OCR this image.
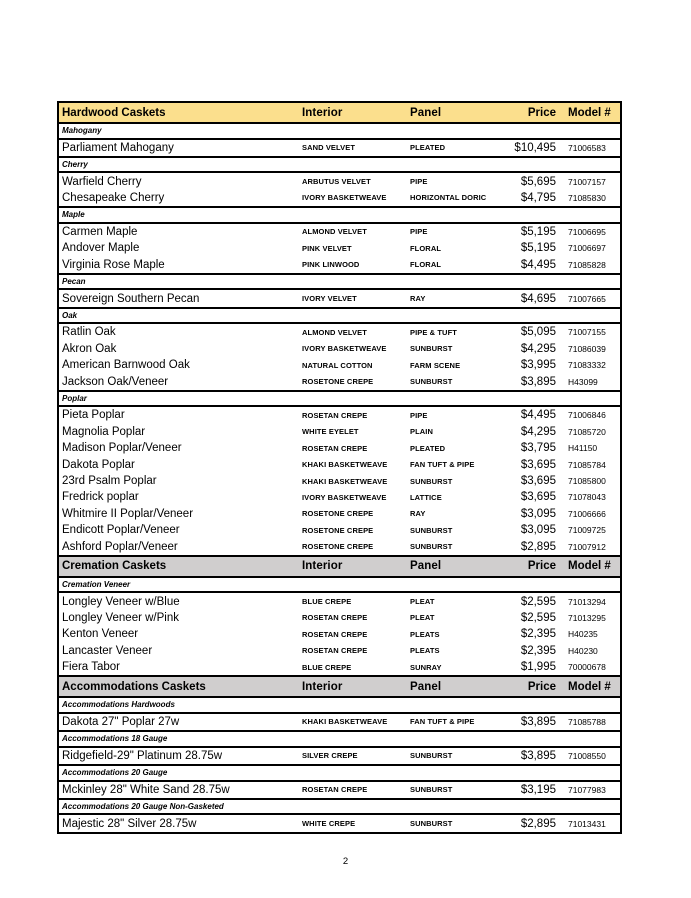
Hardwood Caskets	Interior	Panel	Price	Model #
Mahogany
Parliament Mahogany	SAND VELVET	PLEATED	$10,495	71006583
Cherry
Warfield Cherry	ARBUTUS VELVET	PIPE	$5,695	71007157
Chesapeake Cherry	IVORY BASKETWEAVE	HORIZONTAL DORIC	$4,795	71085830
Maple
Carmen Maple	ALMOND VELVET	PIPE	$5,195	71006695
Andover Maple	PINK VELVET	FLORAL	$5,195	71006697
Virginia Rose Maple	PINK LINWOOD	FLORAL	$4,495	71085828
Pecan
Sovereign Southern Pecan	IVORY VELVET	RAY	$4,695	71007665
Oak
Ratlin Oak	ALMOND VELVET	PIPE & TUFT	$5,095	71007155
Akron Oak	IVORY BASKETWEAVE	SUNBURST	$4,295	71086039
American Barnwood Oak	NATURAL COTTON	FARM SCENE	$3,995	71083332
Jackson Oak/Veneer	ROSETONE CREPE	SUNBURST	$3,895	H43099
Poplar
Pieta Poplar	ROSETAN CREPE	PIPE	$4,495	71006846
Magnolia Poplar	WHITE EYELET	PLAIN	$4,295	71085720
Madison Poplar/Veneer	ROSETAN CREPE	PLEATED	$3,795	H41150
Dakota Poplar	KHAKI BASKETWEAVE	FAN TUFT & PIPE	$3,695	71085784
23rd Psalm Poplar	KHAKI BASKETWEAVE	SUNBURST	$3,695	71085800
Fredrick poplar	IVORY BASKETWEAVE	LATTICE	$3,695	71078043
Whitmire II Poplar/Veneer	ROSETONE CREPE	RAY	$3,095	71006666
Endicott Poplar/Veneer	ROSETONE CREPE	SUNBURST	$3,095	71009725
Ashford Poplar/Veneer	ROSETONE CREPE	SUNBURST	$2,895	71007912
Cremation Caskets	Interior	Panel	Price	Model #
Cremation Veneer
Longley Veneer w/Blue	BLUE CREPE	PLEAT	$2,595	71013294
Longley Veneer w/Pink	ROSETAN CREPE	PLEAT	$2,595	71013295
Kenton Veneer	ROSETAN CREPE	PLEATS	$2,395	H40235
Lancaster Veneer	ROSETAN CREPE	PLEATS	$2,395	H40230
Fiera Tabor	BLUE CREPE	SUNRAY	$1,995	70000678
Accommodations Caskets	Interior	Panel	Price	Model #
Accommodations Hardwoods
Dakota 27" Poplar 27w	KHAKI BASKETWEAVE	FAN TUFT & PIPE	$3,895	71085788
Accommodations 18 Gauge
Ridgefield-29" Platinum 28.75w	SILVER CREPE	SUNBURST	$3,895	71008550
Accommodations 20 Gauge
Mckinley 28" White Sand 28.75w	ROSETAN CREPE	SUNBURST	$3,195	71077983
Accommodations 20 Gauge Non-Gasketed
Majestic 28" Silver 28.75w	WHITE CREPE	SUNBURST	$2,895	71013431
2
